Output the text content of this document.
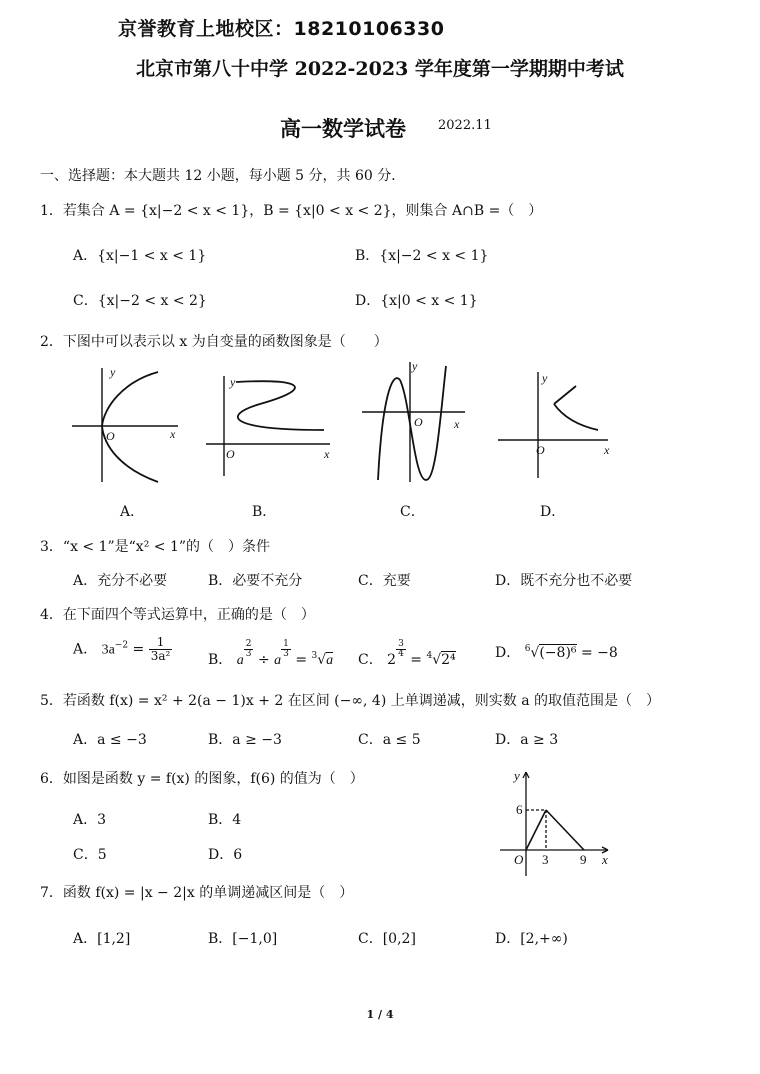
京誉教育上地校区：18210106330
北京市第八十中学 2022-2023 学年度第一学期期中考试
高一数学试卷 2022.11
一、选择题：本大题共 12 小题，每小题 5 分，共 60 分．
1．若集合 A = {x|−2 < x < 1}，B = {x|0 < x < 2}，则集合 A∩B =（　）
A．{x|−1 < x < 1}	B．{x|−2 < x < 1}
C．{x|−2 < x < 2}	D．{x|0 < x < 1}
2．下图中可以表示以 x 为自变量的函数图象是（　　）
y
x
O
y
x
O
y
x
O
y
x
O
A．	B．	C．	D．
3．“x < 1”是“x² < 1”的（　）条件
A．充分不必要	B．必要不充分	C．充要	D．既不充分也不必要
4．在下面四个等式运算中，正确的是（　）
A． $3a^{-2} = \frac{1}{\text{3a²}}$	B． a
$\frac{2}{3}$
÷ a
$\frac{1}{3}$
= $^3$√a C． 2
$\frac{3}{4}$
= $^4$√2⁴	D． $^6$√(−8)⁶ = −8
5．若函数 f(x) = x² + 2(a − 1)x + 2 在区间 (−∞, 4) 上单调递减，则实数 a 的取值范围是（　）
A．a ≤ −3	B．a ≥ −3	C．a ≤ 5	D．a ≥ 3
6．如图是函数 y = f(x) 的图象，f(6) 的值为（　）
A．3	B．4
C．5	D．6
y
x
O
6
3 9
7．函数 f(x) = |x − 2|x 的单调递减区间是（　）
A．[1,2]	B．[−1,0]	C．[0,2]	D．[2,+∞)
1 / 4
